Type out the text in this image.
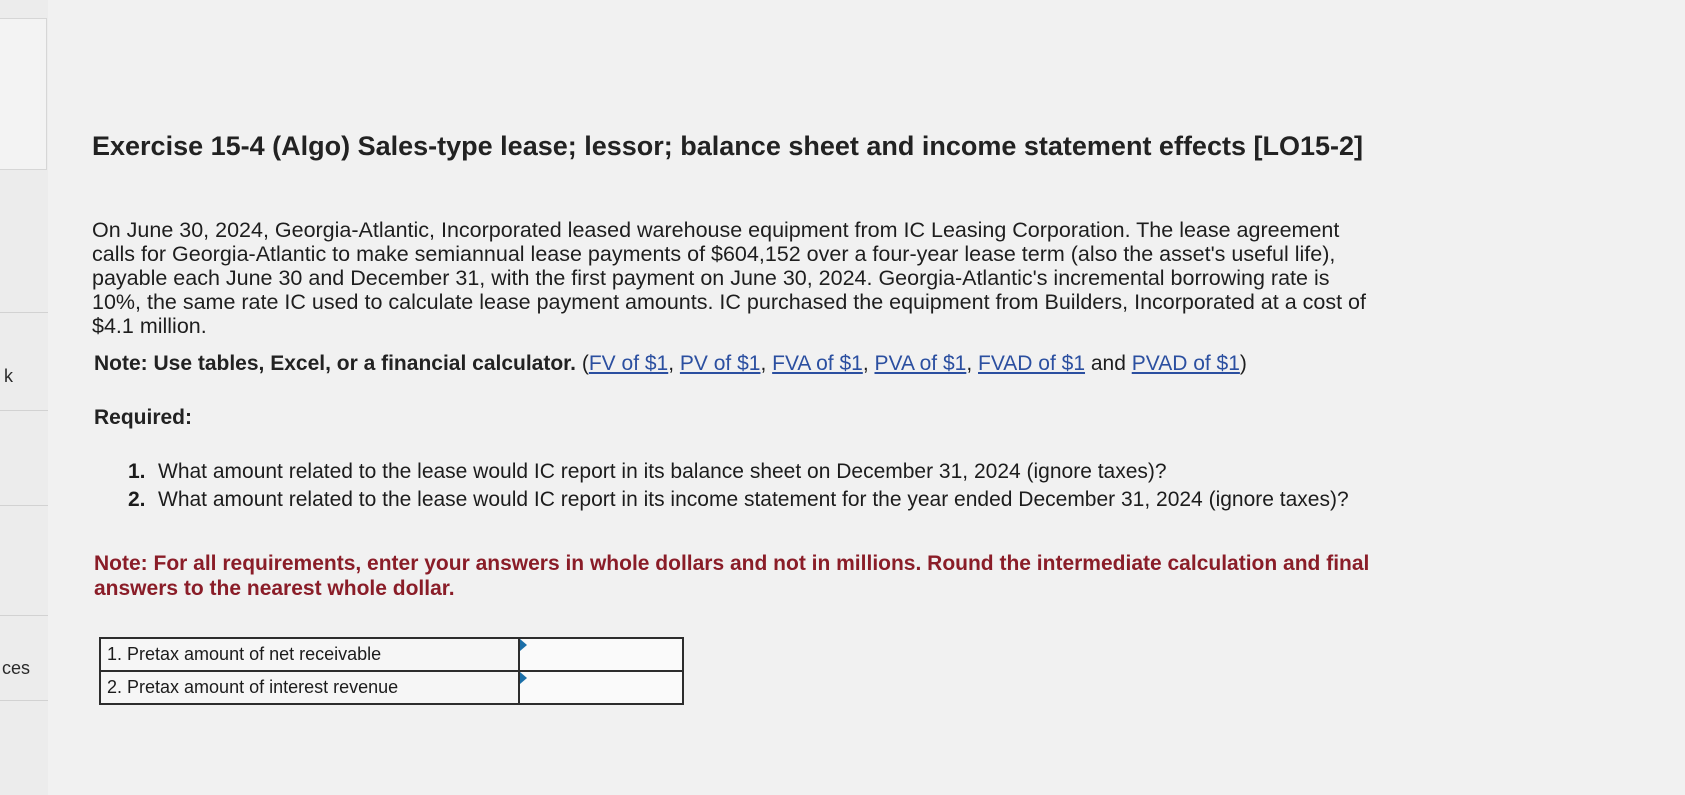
k
ces
Exercise 15-4 (Algo) Sales-type lease; lessor; balance sheet and income statement effects [LO15-2]
On June 30, 2024, Georgia-Atlantic, Incorporated leased warehouse equipment from IC Leasing Corporation. The lease agreement
calls for Georgia-Atlantic to make semiannual lease payments of $604,152 over a four-year lease term (also the asset's useful life),
payable each June 30 and December 31, with the first payment on June 30, 2024. Georgia-Atlantic's incremental borrowing rate is
10%, the same rate IC used to calculate lease payment amounts. IC purchased the equipment from Builders, Incorporated at a cost of
$4.1 million.
Note: Use tables, Excel, or a financial calculator. (FV of $1, PV of $1, FVA of $1, PVA of $1, FVAD of $1 and PVAD of $1)
Required:
1. What amount related to the lease would IC report in its balance sheet on December 31, 2024 (ignore taxes)?
2. What amount related to the lease would IC report in its income statement for the year ended December 31, 2024 (ignore taxes)?
Note: For all requirements, enter your answers in whole dollars and not in millions. Round the intermediate calculation and final
answers to the nearest whole dollar.
1. Pretax amount of net receivable	

2. Pretax amount of interest revenue	
